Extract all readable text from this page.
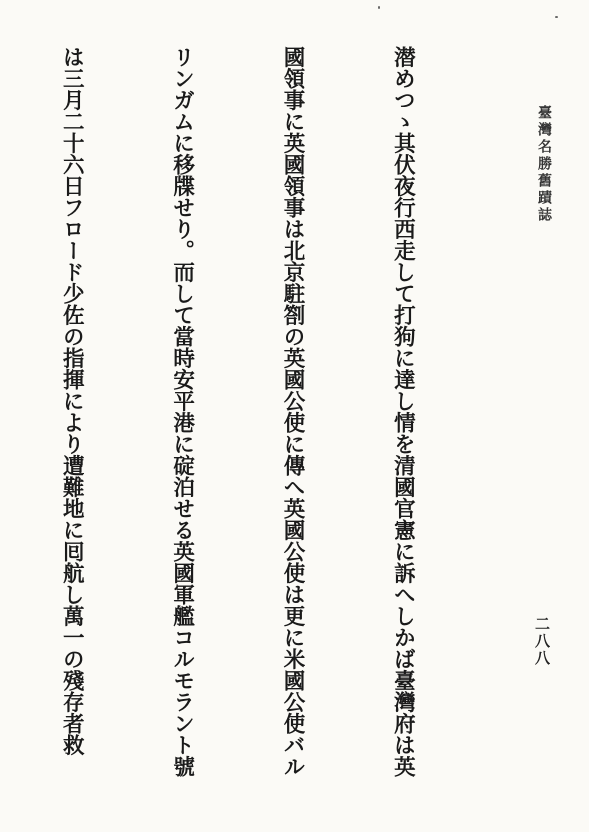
臺灣名勝舊蹟誌
二八八

潜めつゝ其伏夜行西走して打狗に達し情を清國官憲に訴へしかば臺灣府は英

國領事に英國領事は北京駐劄の英國公使に傳へ英國公使は更に米國公使バル

リンガムに移牒せり。而して當時安平港に碇泊せる英國軍艦コルモラント號

は三月二十六日フロード少佐の指揮により遭難地に囘航し萬一の殘存者救
